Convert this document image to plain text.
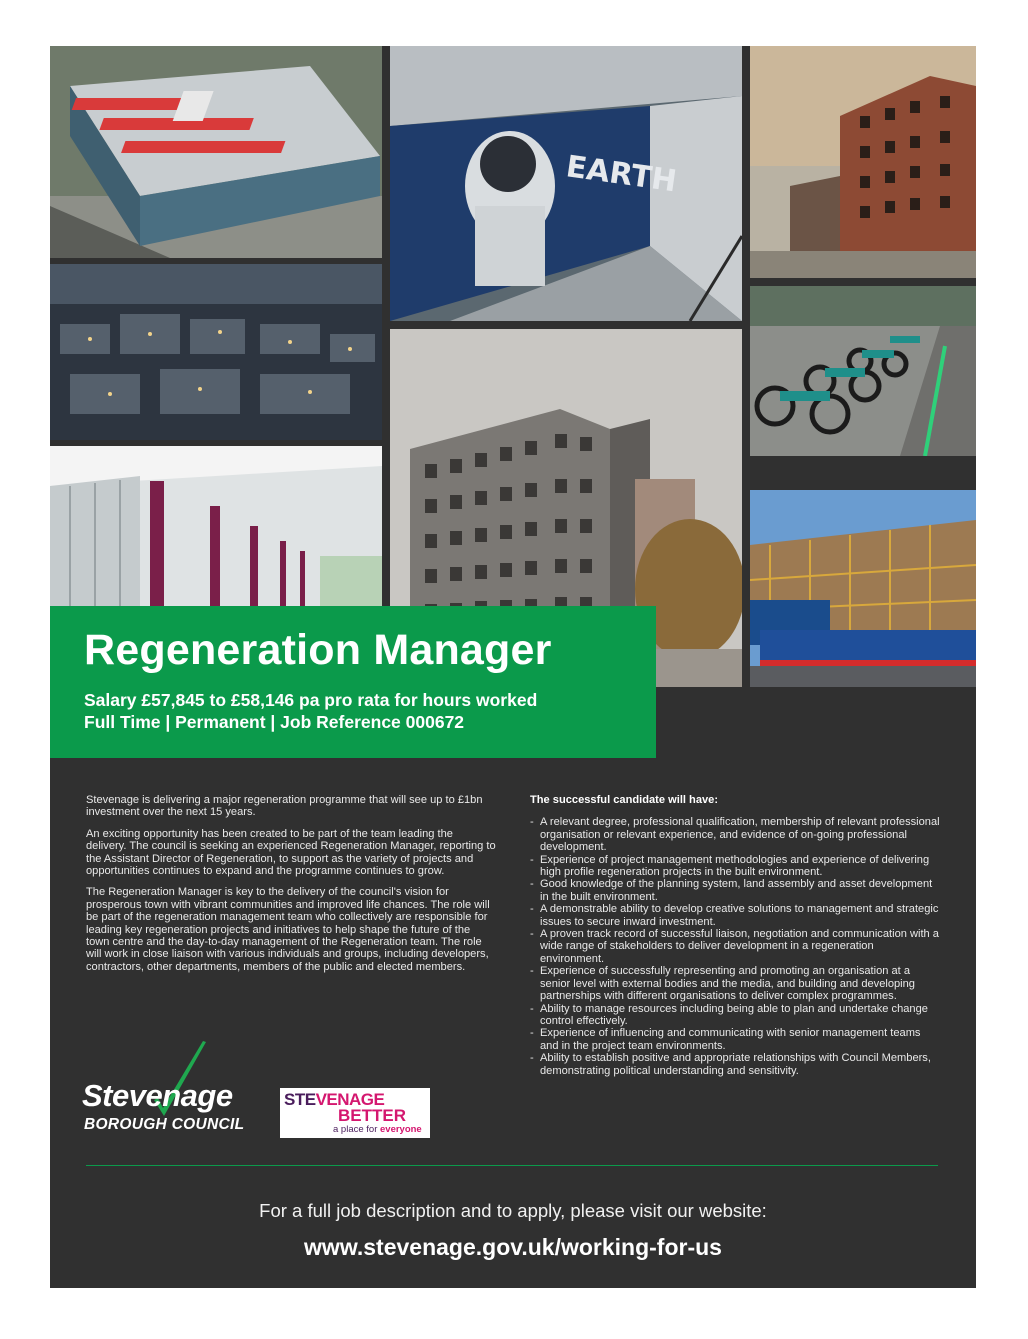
EARTH
Regeneration Manager
Salary £57,845 to £58,146 pa pro rata for hours worked
Full Time | Permanent | Job Reference 000672

Stevenage is delivering a major regeneration programme that will see up to £1bn investment over the next 15 years.

An exciting opportunity has been created to be part of the team leading the delivery. The council is seeking an experienced Regeneration Manager, reporting to the Assistant Director of Regeneration, to support as the variety of projects and opportunities continues to expand and the programme continues to grow.

The Regeneration Manager is key to the delivery of the council's vision for prosperous town with vibrant communities and improved life chances. The role will be part of the regeneration management team who collectively are responsible for leading key regeneration projects and initiatives to help shape the future of the town centre and the day-to-day management of the Regeneration team. The role will work in close liaison with various individuals and groups, including developers, contractors, other departments, members of the public and elected members.

The successful candidate will have:

- A relevant degree, professional qualification, membership of relevant professional organisation or relevant experience, and evidence of on-going professional development.
- Experience of project management methodologies and experience of delivering high profile regeneration projects in the built environment.
- Good knowledge of the planning system, land assembly and asset development in the built environment.
- A demonstrable ability to develop creative solutions to management and strategic issues to secure inward investment.
- A proven track record of successful liaison, negotiation and communication with a wide range of stakeholders to deliver development in a regeneration environment.
- Experience of successfully representing and promoting an organisation at a senior level with external bodies and the media, and building and developing partnerships with different organisations to deliver complex programmes.
- Ability to manage resources including being able to plan and undertake change control effectively.
- Experience of influencing and communicating with senior management teams and in the project team environments.
- Ability to establish positive and appropriate relationships with Council Members, demonstrating political understanding and sensitivity.
Stevenage
BOROUGH COUNCIL
STEVENAGE
BETTER
a place for everyone
For a full job description and to apply, please visit our website:
www.stevenage.gov.uk/working-for-us
